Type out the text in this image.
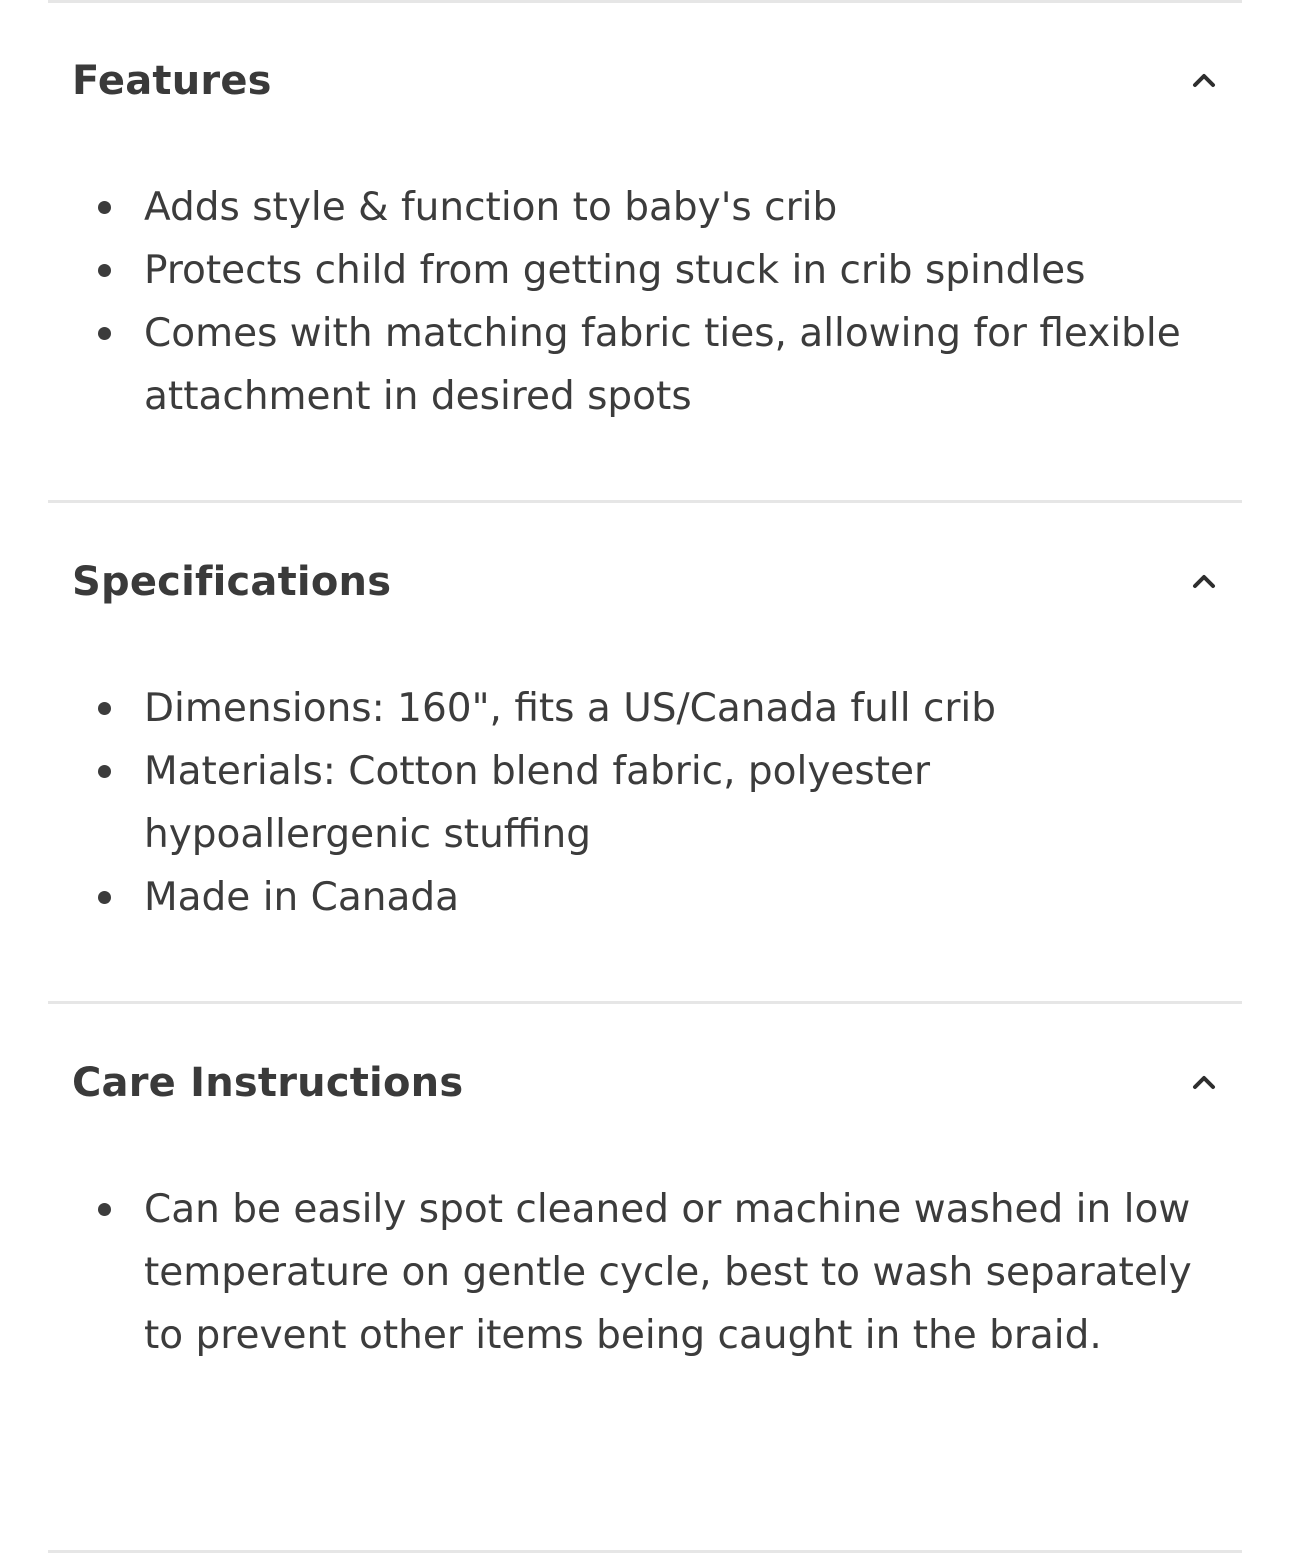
Features
Adds style & function to baby's crib
Protects child from getting stuck in crib spindles
Comes with matching fabric ties, allowing for flexible attachment in desired spots
Specifications
Dimensions: 160", fits a US/Canada full crib
Materials: Cotton blend fabric, polyester hypoallergenic stuffing
Made in Canada
Care Instructions
Can be easily spot cleaned or machine washed in low temperature on gentle cycle, best to wash separately to prevent other items being caught in the braid.
